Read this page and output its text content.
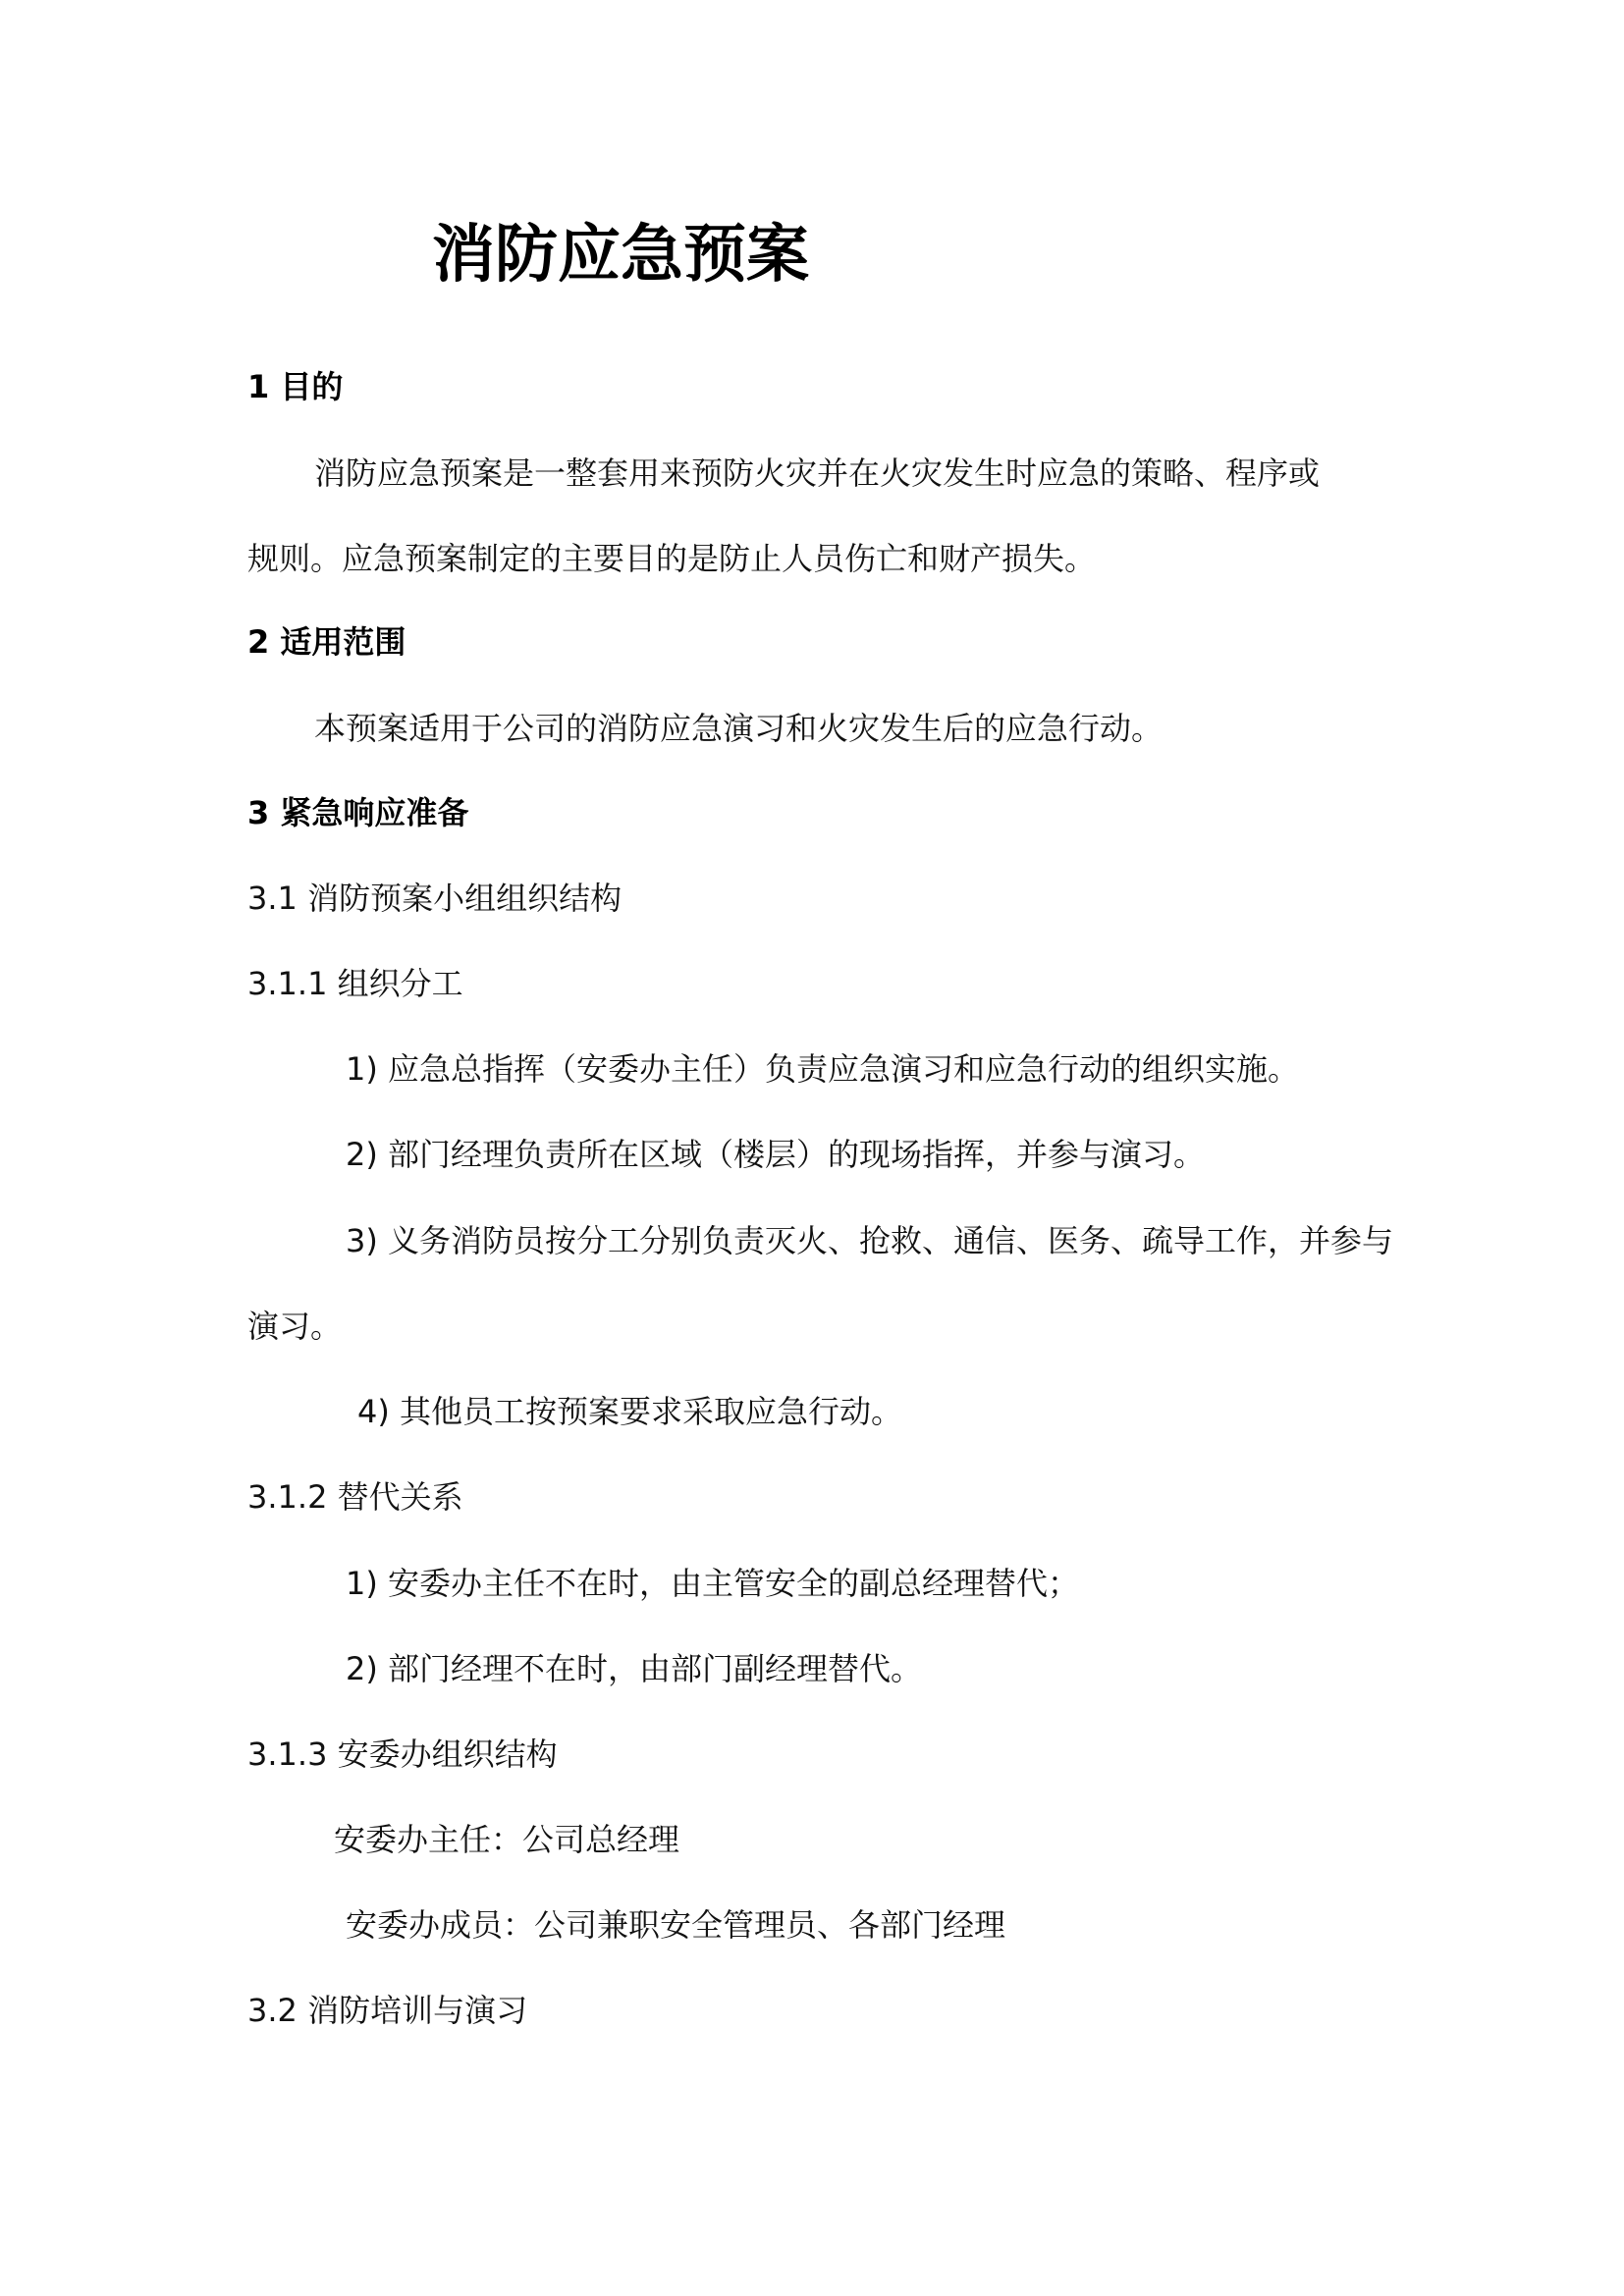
消防应急预案
1 目的
消防应急预案是一整套用来预防火灾并在火灾发生时应急的策略、程序或
规则。应急预案制定的主要目的是防止人员伤亡和财产损失。
2 适用范围
本预案适用于公司的消防应急演习和火灾发生后的应急行动。
3 紧急响应准备
3.1 消防预案小组组织结构
3.1.1 组织分工
1) 应急总指挥（安委办主任）负责应急演习和应急行动的组织实施。
2) 部门经理负责所在区域（楼层）的现场指挥，并参与演习。
3) 义务消防员按分工分别负责灭火、抢救、通信、医务、疏导工作，并参与
演习。
4) 其他员工按预案要求采取应急行动。
3.1.2 替代关系
1) 安委办主任不在时，由主管安全的副总经理替代；
2) 部门经理不在时，由部门副经理替代。
3.1.3 安委办组织结构
安委办主任：公司总经理
安委办成员：公司兼职安全管理员、各部门经理
3.2 消防培训与演习
